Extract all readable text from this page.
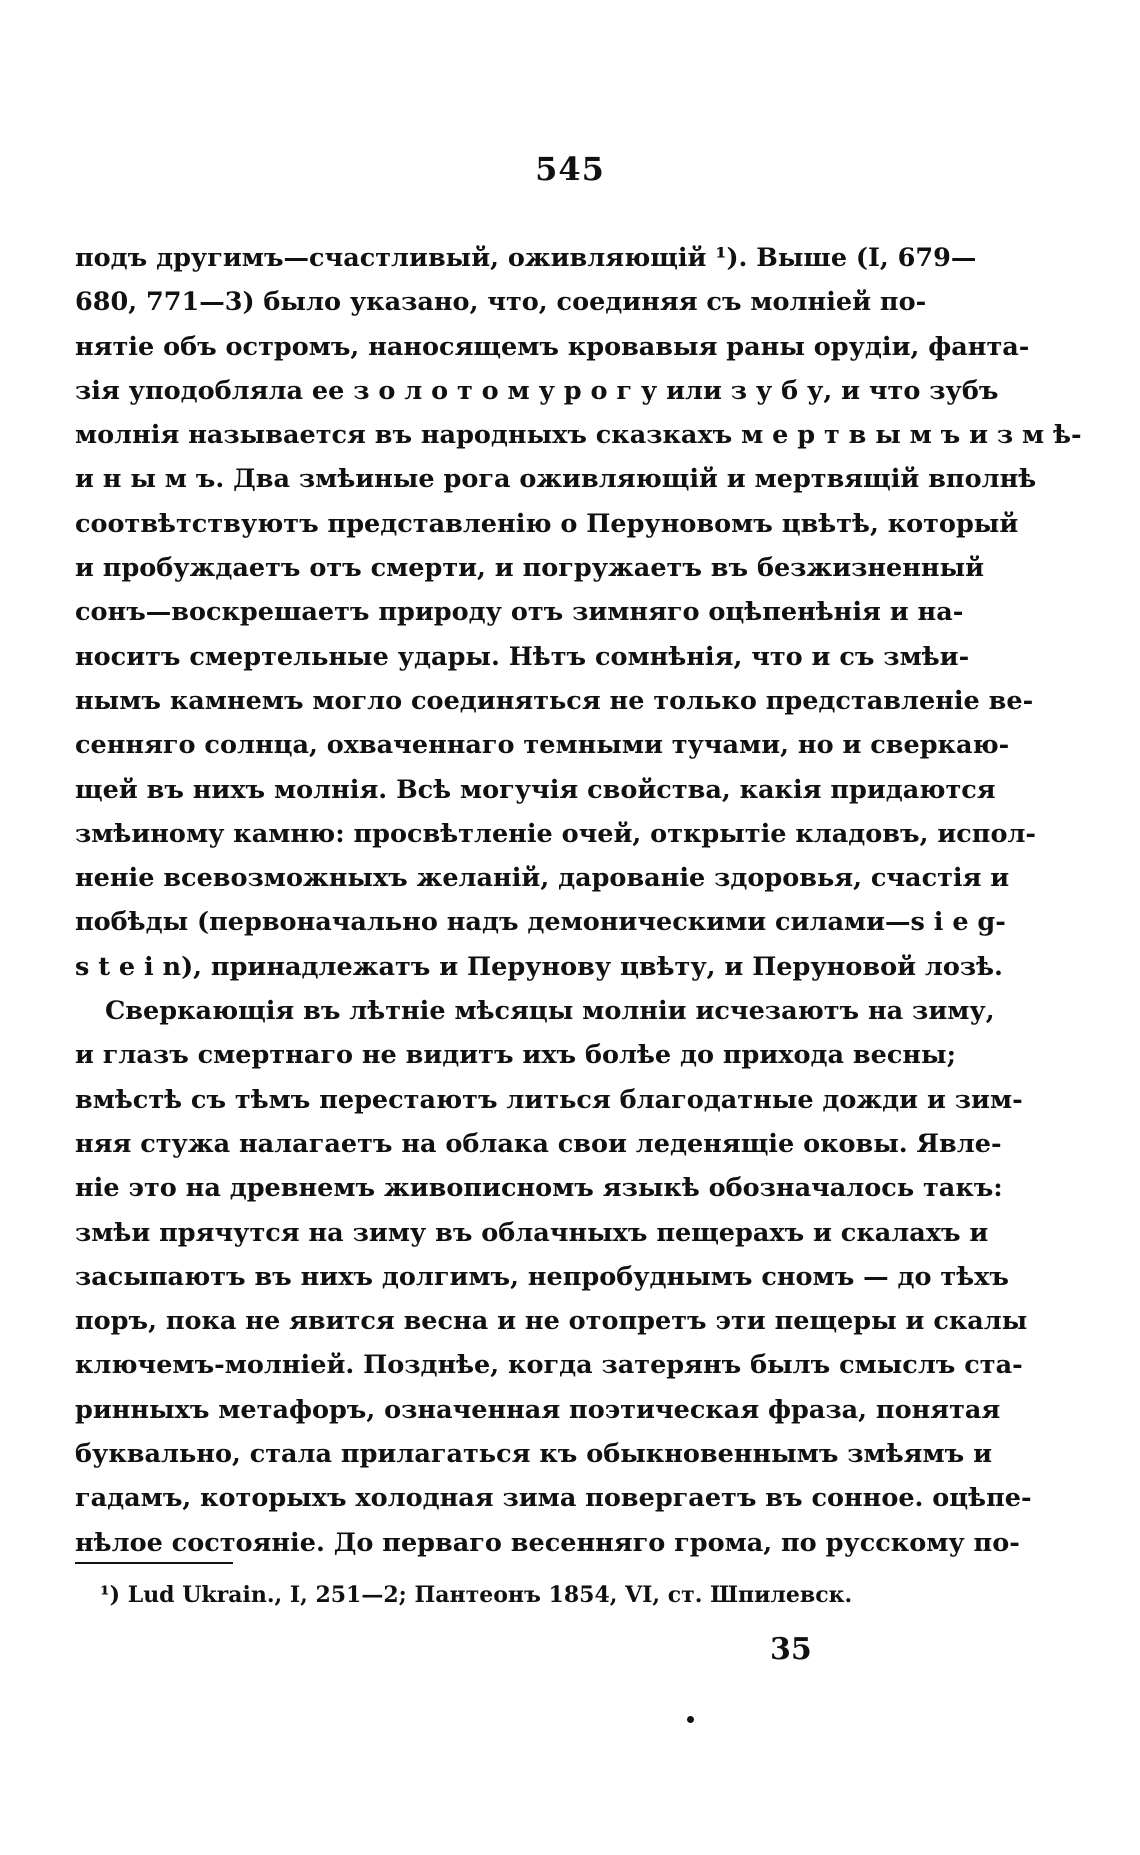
545
подъ другимъ—счастливый, оживляющій ¹). Выше (I, 679—
680, 771—3) было указано, что, соединяя съ молніей по-
нятіе объ остромъ, наносящемъ кровавыя раны орудіи, фанта-
зія уподобляла ее з о л о т о м у р о г у или з у б у, и что зубъ
молнія называется въ народныхъ сказкахъ м е р т в ы м ъ и з м ѣ-
и н ы м ъ. Два змѣиные рога оживляющій и мертвящій вполнѣ
соотвѣтствуютъ представленію о Перуновомъ цвѣтѣ, который
и пробуждаетъ отъ смерти, и погружаетъ въ безжизненный
сонъ—воскрешаетъ природу отъ зимняго оцѣпенѣнія и на-
носитъ смертельные удары. Нѣтъ сомнѣнія, что и съ змѣи-
нымъ камнемъ могло соединяться не только представленіе ве-
сенняго солнца, охваченнаго темными тучами, но и сверкаю-
щей въ нихъ молнія. Всѣ могучія свойства, какія придаются
змѣиному камню: просвѣтленіе очей, открытіе кладовъ, испол-
неніе всевозможныхъ желаній, дарованіе здоровья, счастія и
побѣды (первоначально надъ демоническими силами—s i e g-
s t e i n), принадлежатъ и Перунову цвѣту, и Перуновой лозѣ.
Сверкающія въ лѣтніе мѣсяцы молніи исчезаютъ на зиму,
и глазъ смертнаго не видитъ ихъ болѣе до прихода весны;
вмѣстѣ съ тѣмъ перестаютъ литься благодатные дожди и зим-
няя стужа налагаетъ на облака свои леденящіе оковы. Явле-
ніе это на древнемъ живописномъ языкѣ обозначалось такъ:
змѣи прячутся на зиму въ облачныхъ пещерахъ и скалахъ и
засыпаютъ въ нихъ долгимъ, непробуднымъ сномъ — до тѣхъ
поръ, пока не явится весна и не отопретъ эти пещеры и скалы
ключемъ-молніей. Позднѣе, когда затерянъ былъ смыслъ ста-
ринныхъ метафоръ, означенная поэтическая фраза, понятая
буквально, стала прилагаться къ обыкновеннымъ змѣямъ и
гадамъ, которыхъ холодная зима повергаетъ въ сонное. оцѣпе-
нѣлое состояніе. До перваго весенняго грома, по русскому по-
¹) Lud Ukrain., I, 251—2; Пантеонъ 1854, VI, ст. Шпилевск.
35
